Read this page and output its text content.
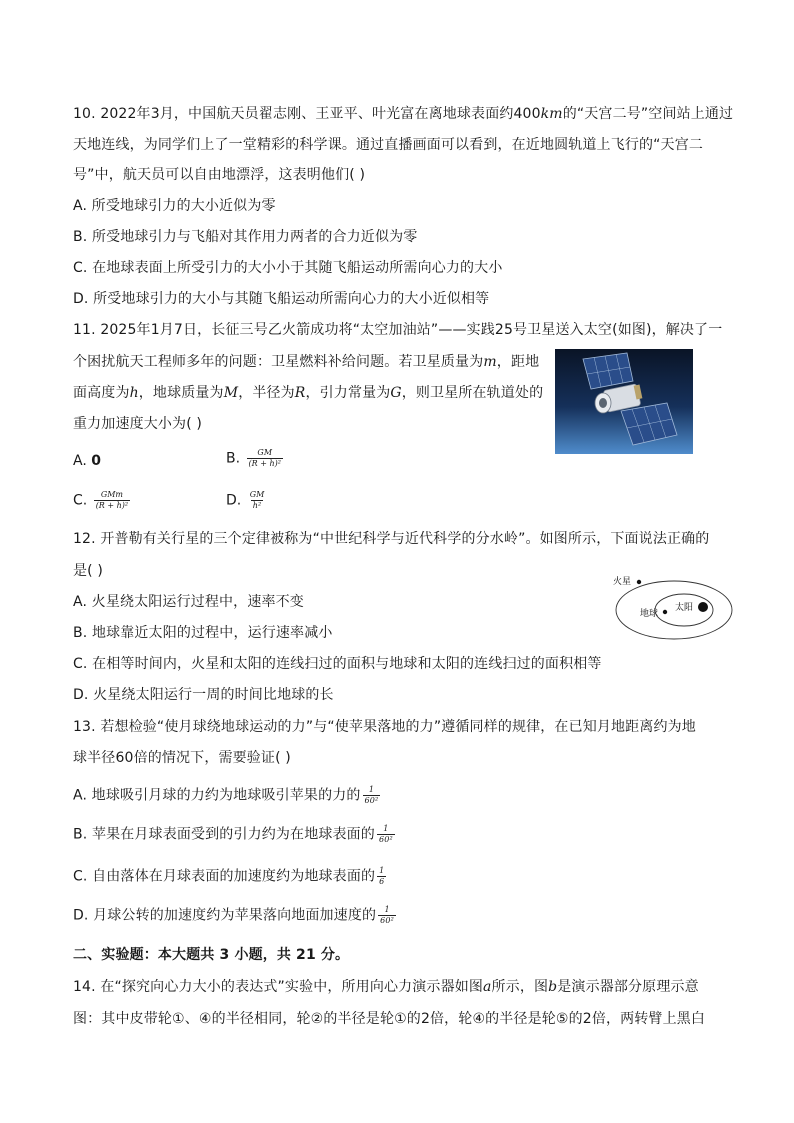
10. 2022年3月，中国航天员翟志刚、王亚平、叶光富在离地球表面约400km的“天宫二号”空间站上通过
天地连线，为同学们上了一堂精彩的科学课。通过直播画面可以看到，在近地圆轨道上飞行的“天宫二
号”中，航天员可以自由地漂浮，这表明他们( )
A. 所受地球引力的大小近似为零
B. 所受地球引力与飞船对其作用力两者的合力近似为零
C. 在地球表面上所受引力的大小小于其随飞船运动所需向心力的大小
D. 所受地球引力的大小与其随飞船运动所需向心力的大小近似相等
11. 2025年1月7日，长征三号乙火箭成功将“太空加油站”——实践25号卫星送入太空(如图)，解决了一
个困扰航天工程师多年的问题：卫星燃料补给问题。若卫星质量为m，距地
面高度为h，地球质量为M，半径为R，引力常量为G，则卫星所在轨道处的
重力加速度大小为( )
A. 0	B. $\frac{GM}{\text{(R + h)²}}$
C. $\frac{\text{GMm}}{\text{(R + h)²}}$	D. $\frac{GM}{\text{h²}}$
12. 开普勒有关行星的三个定律被称为“中世纪科学与近代科学的分水岭”。如图所示，下面说法正确的
是( )
A. 火星绕太阳运行过程中，速率不变
B. 地球靠近太阳的过程中，运行速率减小
C. 在相等时间内，火星和太阳的连线扫过的面积与地球和太阳的连线扫过的面积相等
D. 火星绕太阳运行一周的时间比地球的长
火星
地球
太阳
13. 若想检验“使月球绕地球运动的力”与“使苹果落地的力”遵循同样的规律，在已知月地距离约为地
球半径60倍的情况下，需要验证( )
A. 地球吸引月球的力约为地球吸引苹果的力的 $\frac{1}{\text{60²}}$
B. 苹果在月球表面受到的引力约为在地球表面的 $\frac{1}{\text{60²}}$
C. 自由落体在月球表面的加速度约为地球表面的 $\frac{1}{6}$
D. 月球公转的加速度约为苹果落向地面加速度的 $\frac{1}{\text{60²}}$
二、实验题：本大题共 3 小题，共 21 分。
14. 在“探究向心力大小的表达式”实验中，所用向心力演示器如图a所示，图b是演示器部分原理示意
图：其中皮带轮①、④的半径相同，轮②的半径是轮①的2倍，轮④的半径是轮⑤的2倍，两转臂上黑白
